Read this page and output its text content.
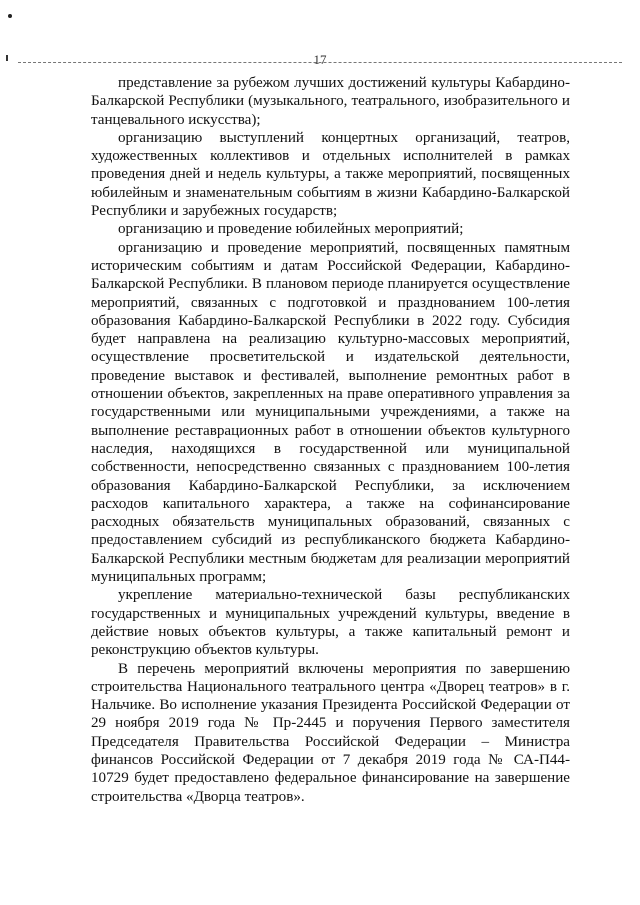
17

представление за рубежом лучших достижений культуры Кабардино-Балкарской Республики (музыкального, театрального, изобразительного и танцевального искусства);

организацию выступлений концертных организаций, театров, художественных коллективов и отдельных исполнителей в рамках проведения дней и недель культуры, а также мероприятий, посвященных юбилейным и знаменательным событиям в жизни Кабардино-Балкарской Республики и зарубежных государств;

организацию и проведение юбилейных мероприятий;

организацию и проведение мероприятий, посвященных памятным историческим событиям и датам Российской Федерации, Кабардино-Балкарской Республики. В плановом периоде планируется осуществление мероприятий, связанных с подготовкой и празднованием 100-летия образования Кабардино-Балкарской Республики в 2022 году. Субсидия будет направлена на реализацию культурно-массовых мероприятий, осуществление просветительской и издательской деятельности, проведение выставок и фестивалей, выполнение ремонтных работ в отношении объектов, закрепленных на праве оперативного управления за государственными или муниципальными учреждениями, а также на выполнение реставрационных работ в отношении объектов культурного наследия, находящихся в государственной или муниципальной собственности, непосредственно связанных с празднованием 100-летия образования Кабардино-Балкарской Республики, за исключением расходов капитального характера, а также на софинансирование расходных обязательств муниципальных образований, связанных с предоставлением субсидий из республиканского бюджета Кабардино-Балкарской Республики местным бюджетам для реализации мероприятий муниципальных программ;

укрепление материально-технической базы республиканских государственных и муниципальных учреждений культуры, введение в действие новых объектов культуры, а также капитальный ремонт и реконструкцию объектов культуры.

В перечень мероприятий включены мероприятия по завершению строительства Национального театрального центра «Дворец театров» в г. Нальчике. Во исполнение указания Президента Российской Федерации от 29 ноября 2019 года № Пр-2445 и поручения Первого заместителя Председателя Правительства Российской Федерации – Министра финансов Российской Федерации от 7 декабря 2019 года № СА-П44-10729 будет предоставлено федеральное финансирование на завершение строительства «Дворца театров».
